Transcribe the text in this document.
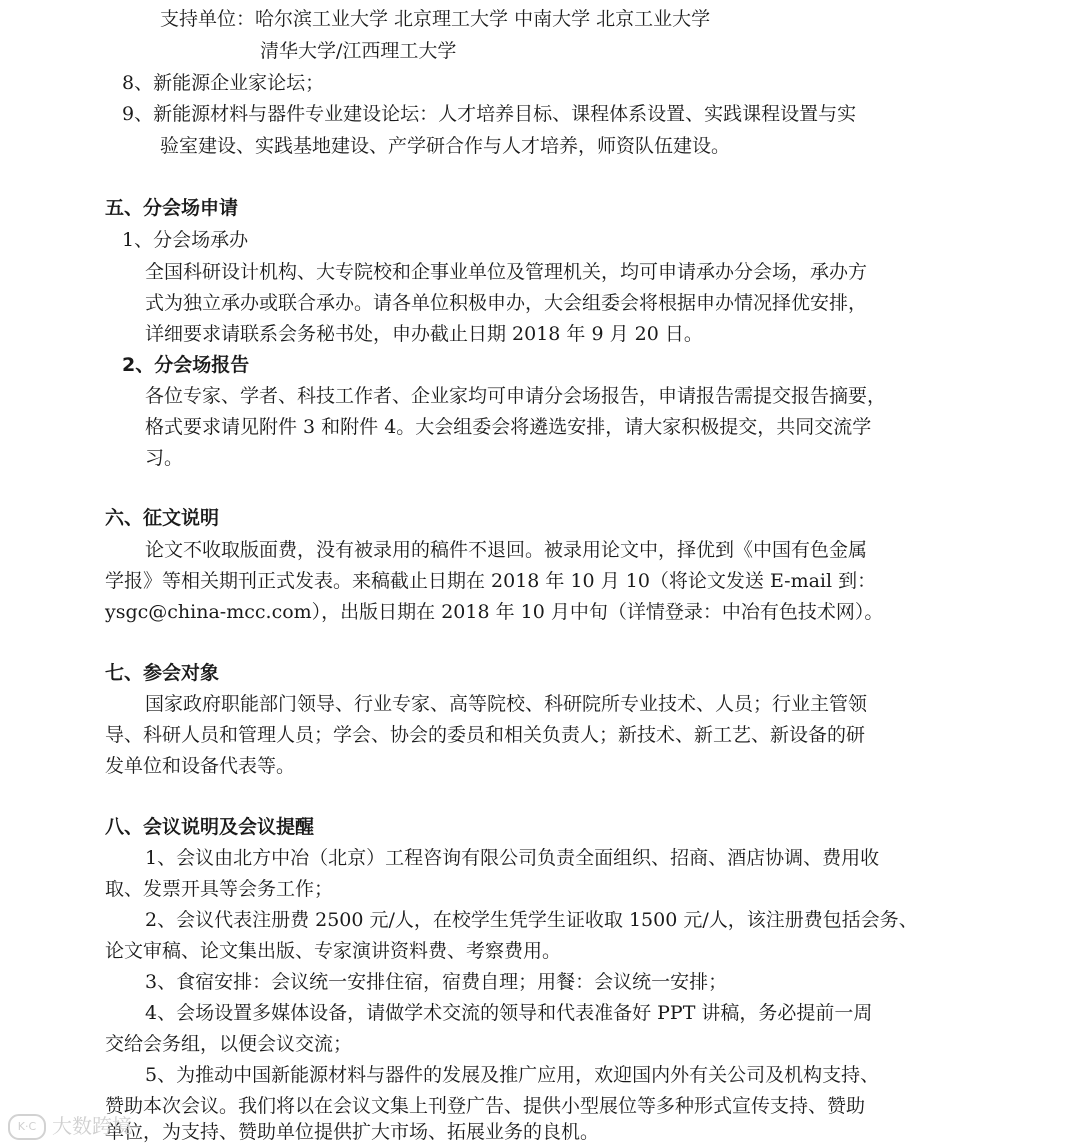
支持单位：哈尔滨工业大学 北京理工大学 中南大学 北京工业大学
清华大学/江西理工大学
8、新能源企业家论坛；
9、新能源材料与器件专业建设论坛：人才培养目标、课程体系设置、实践课程设置与实
验室建设、实践基地建设、产学研合作与人才培养，师资队伍建设。
五、分会场申请
1、分会场承办
全国科研设计机构、大专院校和企事业单位及管理机关，均可申请承办分会场，承办方
式为独立承办或联合承办。请各单位积极申办，大会组委会将根据申办情况择优安排，
详细要求请联系会务秘书处，申办截止日期 2018 年 9 月 20 日。
2、分会场报告
各位专家、学者、科技工作者、企业家均可申请分会场报告，申请报告需提交报告摘要，
格式要求请见附件 3 和附件 4。大会组委会将遴选安排，请大家积极提交，共同交流学
习。
六、征文说明
论文不收取版面费，没有被录用的稿件不退回。被录用论文中，择优到《中国有色金属
学报》等相关期刊正式发表。来稿截止日期在 2018 年 10 月 10（将论文发送 E-mail 到：
ysgc@china-mcc.com），出版日期在 2018 年 10 月中旬（详情登录：中冶有色技术网）。
七、参会对象
国家政府职能部门领导、行业专家、高等院校、科研院所专业技术、人员；行业主管领
导、科研人员和管理人员；学会、协会的委员和相关负责人；新技术、新工艺、新设备的研
发单位和设备代表等。
八、会议说明及会议提醒
1、会议由北方中冶（北京）工程咨询有限公司负责全面组织、招商、酒店协调、费用收
取、发票开具等会务工作；
2、会议代表注册费 2500 元/人，在校学生凭学生证收取 1500 元/人，该注册费包括会务、
论文审稿、论文集出版、专家演讲资料费、考察费用。
3、食宿安排：会议统一安排住宿，宿费自理；用餐：会议统一安排；
4、会场设置多媒体设备，请做学术交流的领导和代表准备好 PPT 讲稿，务必提前一周
交给会务组，以便会议交流；
5、为推动中国新能源材料与器件的发展及推广应用，欢迎国内外有关公司及机构支持、
赞助本次会议。我们将以在会议文集上刊登广告、提供小型展位等多种形式宣传支持、赞助
单位，为支持、赞助单位提供扩大市场、拓展业务的良机。
K·C 大数跨境
